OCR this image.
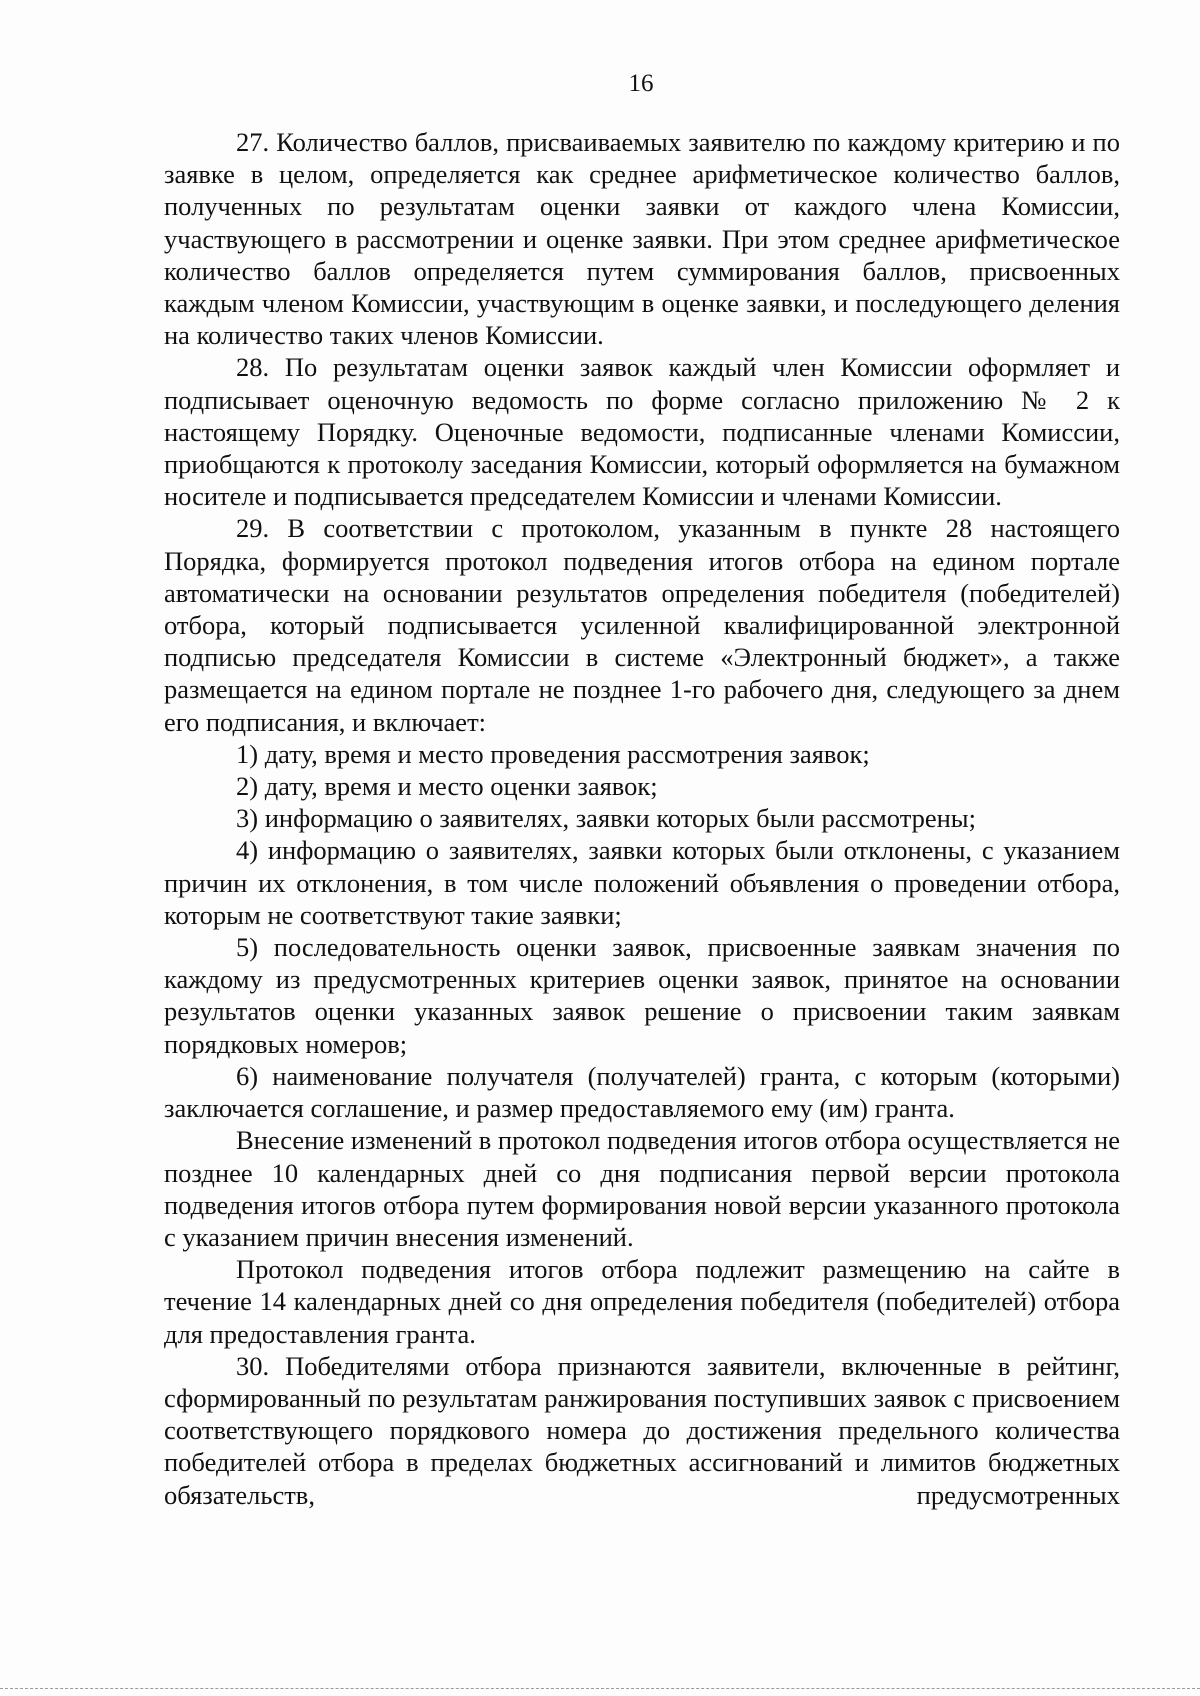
16

27. Количество баллов, присваиваемых заявителю по каждому критерию и по заявке в целом, определяется как среднее арифметическое количество баллов, полученных по результатам оценки заявки от каждого члена Комиссии, участвующего в рассмотрении и оценке заявки. При этом среднее арифметическое количество баллов определяется путем суммирования баллов, присвоенных каждым членом Комиссии, участвующим в оценке заявки, и последующего деления на количество таких членов Комиссии.

28. По результатам оценки заявок каждый член Комиссии оформляет и подписывает оценочную ведомость по форме согласно приложению № 2 к настоящему Порядку. Оценочные ведомости, подписанные членами Комиссии, приобщаются к протоколу заседания Комиссии, который оформляется на бумажном носителе и подписывается председателем Комиссии и членами Комиссии.

29. В соответствии с протоколом, указанным в пункте 28 настоящего Порядка, формируется протокол подведения итогов отбора на едином портале автоматически на основании результатов определения победителя (победителей) отбора, который подписывается усиленной квалифицированной электронной подписью председателя Комиссии в системе «Электронный бюджет», а также размещается на едином портале не позднее 1-го рабочего дня, следующего за днем его подписания, и включает:

1) дату, время и место проведения рассмотрения заявок;

2) дату, время и место оценки заявок;

3) информацию о заявителях, заявки которых были рассмотрены;

4) информацию о заявителях, заявки которых были отклонены, с указанием причин их отклонения, в том числе положений объявления о проведении отбора, которым не соответствуют такие заявки;

5) последовательность оценки заявок, присвоенные заявкам значения по каждому из предусмотренных критериев оценки заявок, принятое на основании результатов оценки указанных заявок решение о присвоении таким заявкам порядковых номеров;

6) наименование получателя (получателей) гранта, с которым (которыми) заключается соглашение, и размер предоставляемого ему (им) гранта.

Внесение изменений в протокол подведения итогов отбора осуществляется не позднее 10 календарных дней со дня подписания первой версии протокола подведения итогов отбора путем формирования новой версии указанного протокола с указанием причин внесения изменений.

Протокол подведения итогов отбора подлежит размещению на сайте в течение 14 календарных дней со дня определения победителя (победителей) отбора для предоставления гранта.

30. Победителями отбора признаются заявители, включенные в рейтинг, сформированный по результатам ранжирования поступивших заявок с присвоением соответствующего порядкового номера до достижения предельного количества победителей отбора в пределах бюджетных ассигнований и лимитов бюджетных обязательств, предусмотренных
